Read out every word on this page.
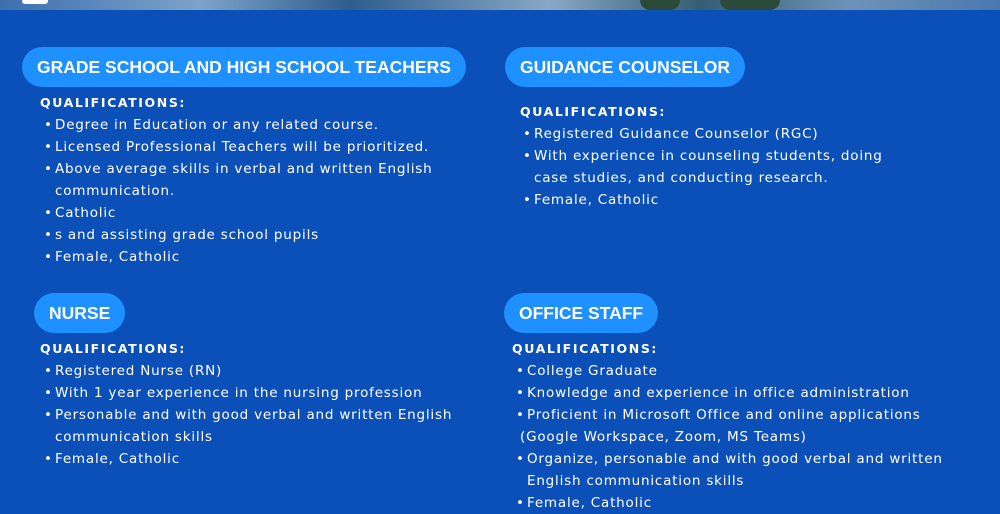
GRADE SCHOOL AND HIGH SCHOOL TEACHERS
QUALIFICATIONS:
• Degree in Education or any related course.
• Licensed Professional Teachers will be prioritized.
• Above average skills in verbal and written English
communication.
• Catholic
• s and assisting grade school pupils
• Female, Catholic
GUIDANCE COUNSELOR
QUALIFICATIONS:
• Registered Guidance Counselor (RGC)
• With experience in counseling students, doing
case studies, and conducting research.
• Female, Catholic
NURSE
QUALIFICATIONS:
• Registered Nurse (RN)
• With 1 year experience in the nursing profession
• Personable and with good verbal and written English
communication skills
• Female, Catholic
OFFICE STAFF
QUALIFICATIONS:
• College Graduate
• Knowledge and experience in office administration
• Proficient in Microsoft Office and online applications
(Google Workspace, Zoom, MS Teams)
• Organize, personable and with good verbal and written
English communication skills
• Female, Catholic
